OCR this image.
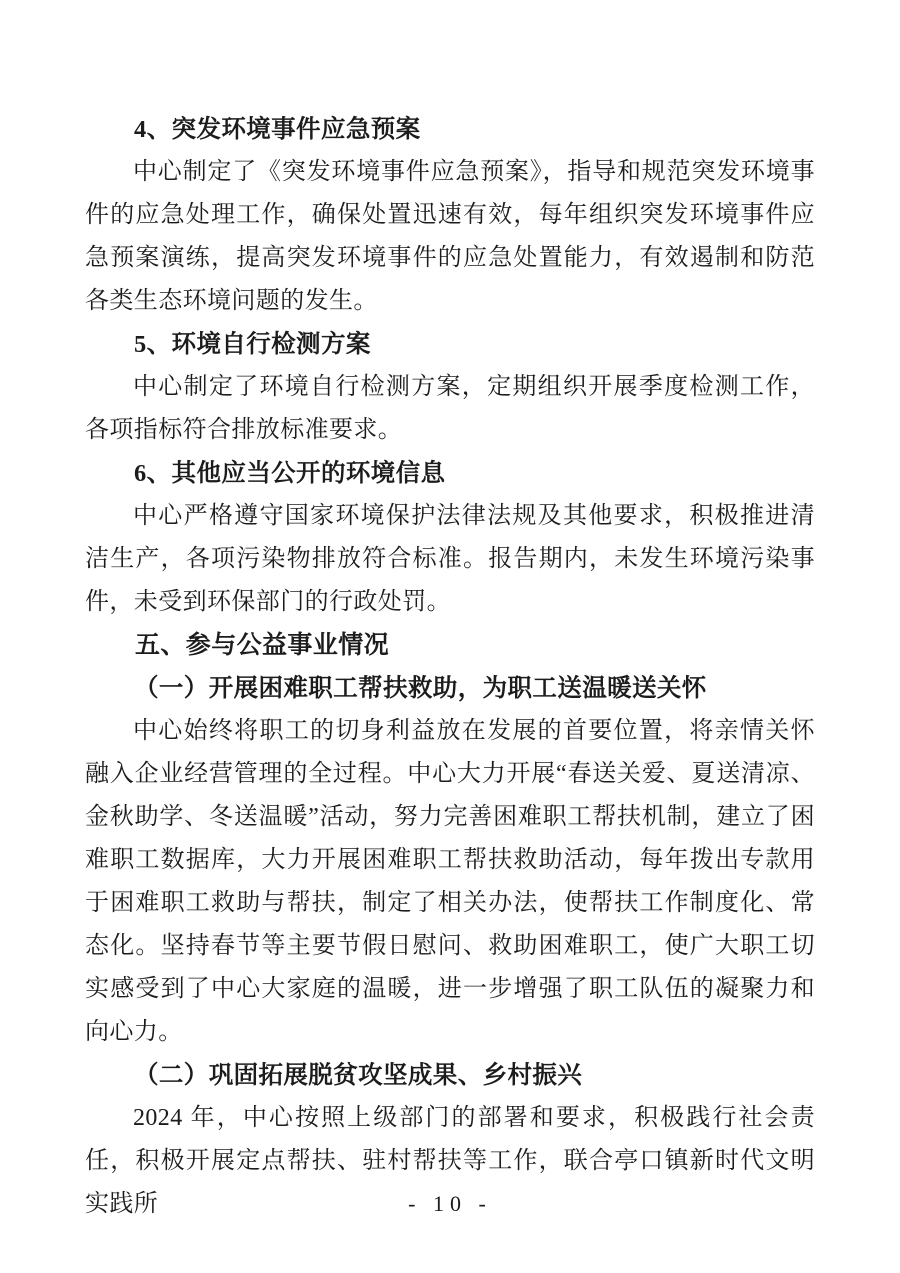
4、突发环境事件应急预案

中心制定了《突发环境事件应急预案》，指导和规范突发环境事件的应急处理工作，确保处置迅速有效，每年组织突发环境事件应急预案演练，提高突发环境事件的应急处置能力，有效遏制和防范各类生态环境问题的发生。

5、环境自行检测方案

中心制定了环境自行检测方案，定期组织开展季度检测工作，各项指标符合排放标准要求。

6、其他应当公开的环境信息

中心严格遵守国家环境保护法律法规及其他要求，积极推进清洁生产，各项污染物排放符合标准。报告期内，未发生环境污染事件，未受到环保部门的行政处罚。

五、参与公益事业情况
（一）开展困难职工帮扶救助，为职工送温暖送关怀

中心始终将职工的切身利益放在发展的首要位置，将亲情关怀融入企业经营管理的全过程。中心大力开展“春送关爱、夏送清凉、金秋助学、冬送温暖”活动，努力完善困难职工帮扶机制，建立了困难职工数据库，大力开展困难职工帮扶救助活动，每年拨出专款用于困难职工救助与帮扶，制定了相关办法，使帮扶工作制度化、常态化。坚持春节等主要节假日慰问、救助困难职工，使广大职工切实感受到了中心大家庭的温暖，进一步增强了职工队伍的凝聚力和向心力。

（二）巩固拓展脱贫攻坚成果、乡村振兴

2024 年，中心按照上级部门的部署和要求，积极践行社会责任，积极开展定点帮扶、驻村帮扶等工作，联合亭口镇新时代文明实践所	- 10 -
